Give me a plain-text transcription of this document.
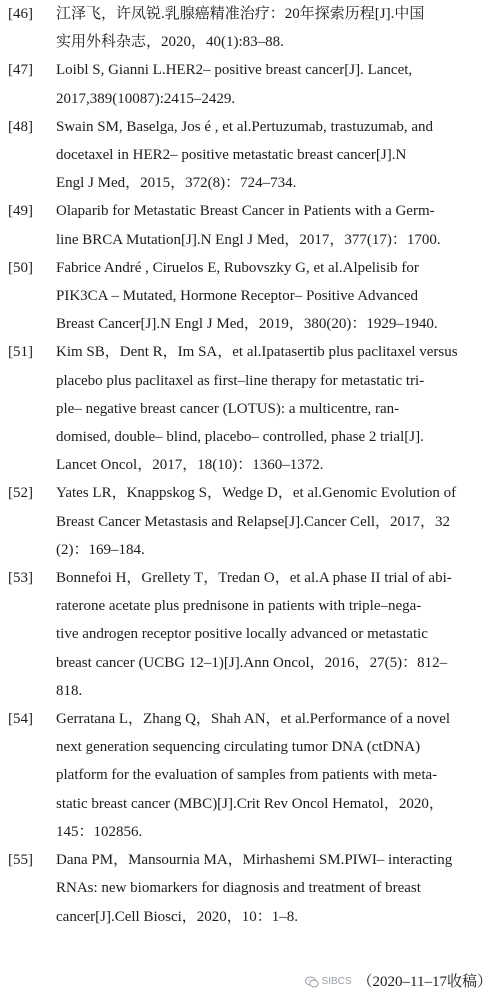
[46]	江泽飞，许凤锐.乳腺癌精准治疗：20年探索历程[J].中国
实用外科杂志，2020，40(1):83–88.
[47]	Loibl S, Gianni L.HER2– positive breast cancer[J]. Lancet,
2017,389(10087):2415–2429.
[48]	Swain SM, Baselga, Jos é , et al.Pertuzumab, trastuzumab, and
docetaxel in HER2– positive metastatic breast cancer[J].N
Engl J Med，2015，372(8)：724–734.
[49]	Olaparib for Metastatic Breast Cancer in Patients with a Germ-
line BRCA Mutation[J].N Engl J Med，2017，377(17)：1700.
[50]	Fabrice André , Ciruelos E, Rubovszky G, et al.Alpelisib for
PIK3CA – Mutated, Hormone Receptor– Positive Advanced
Breast Cancer[J].N Engl J Med，2019，380(20)：1929–1940.
[51]	Kim SB，Dent R，Im SA，et al.Ipatasertib plus paclitaxel versus
placebo plus paclitaxel as first–line therapy for metastatic tri-
ple– negative breast cancer (LOTUS): a multicentre, ran-
domised, double– blind, placebo– controlled, phase 2 trial[J].
Lancet Oncol，2017，18(10)：1360–1372.
[52]	Yates LR，Knappskog S，Wedge D，et al.Genomic Evolution of
Breast Cancer Metastasis and Relapse[J].Cancer Cell，2017，32
(2)：169–184.
[53]	Bonnefoi H，Grellety T，Tredan O，et al.A phase II trial of abi-
raterone acetate plus prednisone in patients with triple–nega-
tive androgen receptor positive locally advanced or metastatic
breast cancer (UCBG 12–1)[J].Ann Oncol，2016，27(5)：812–
818.
[54]	Gerratana L，Zhang Q，Shah AN，et al.Performance of a novel
next generation sequencing circulating tumor DNA (ctDNA)
platform for the evaluation of samples from patients with meta-
static breast cancer (MBC)[J].Crit Rev Oncol Hematol，2020，
145：102856.
[55]	Dana PM，Mansournia MA，Mirhashemi SM.PIWI– interacting
RNAs: new biomarkers for diagnosis and treatment of breast
cancer[J].Cell Biosci，2020，10：1–8.
SIBCS （2020–11–17收稿）
